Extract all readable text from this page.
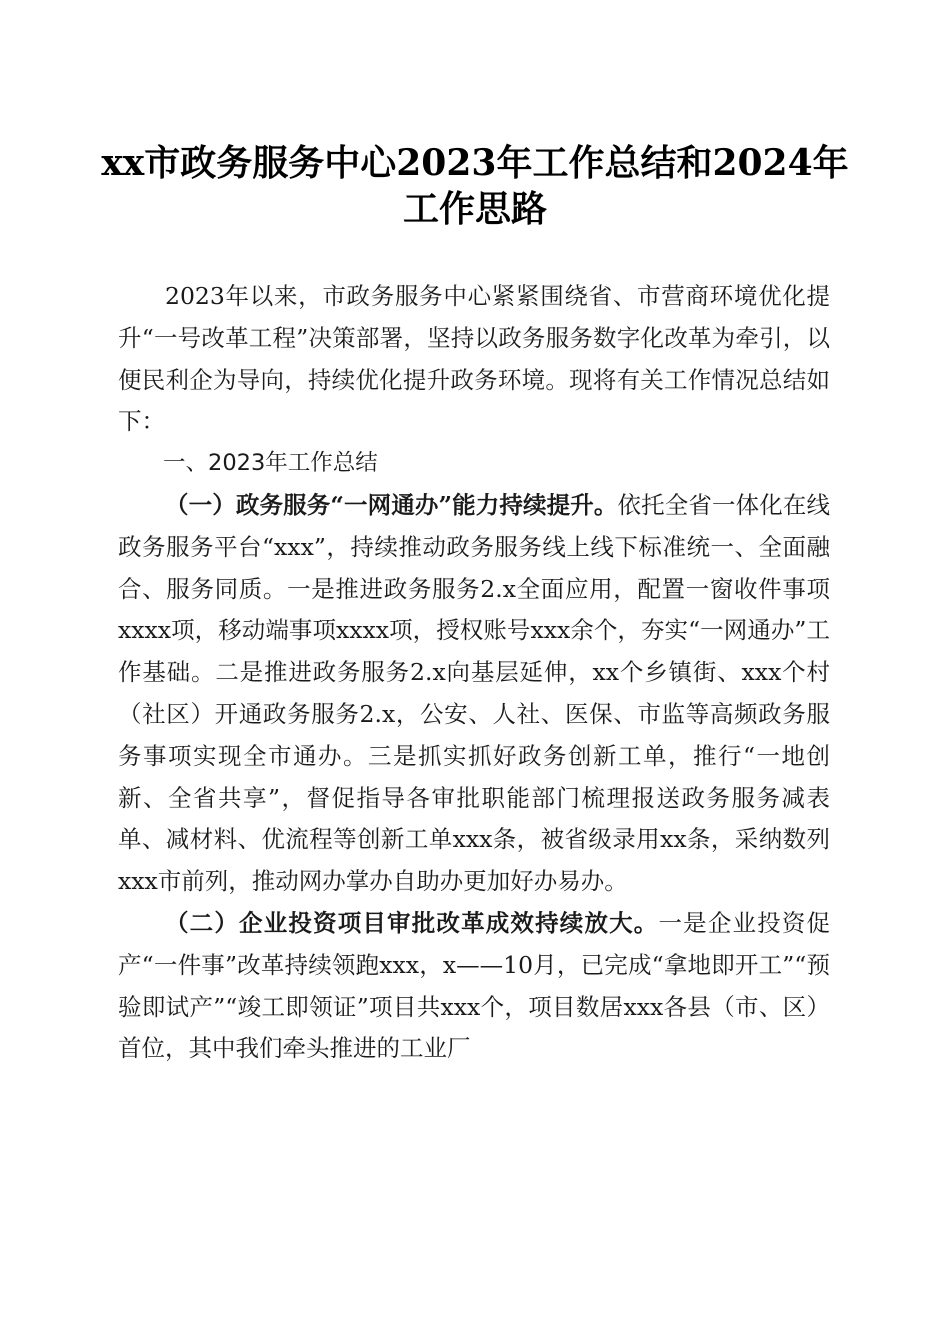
xx市政务服务中心2023年工作总结和2024年
工作思路

2023年以来，市政务服务中心紧紧围绕省、市营商环境优化提升“一号改革工程”决策部署，坚持以政务服务数字化改革为牵引，以便民利企为导向，持续优化提升政务环境。现将有关工作情况总结如下：

一、2023年工作总结

（一）政务服务“一网通办”能力持续提升。依托全省一体化在线政务服务平台“xxx”，持续推动政务服务线上线下标准统一、全面融合、服务同质。一是推进政务服务2.x全面应用，配置一窗收件事项xxxx项，移动端事项xxxx项，授权账号xxx余个，夯实“一网通办”工作基础。二是推进政务服务2.x向基层延伸，xx个乡镇街、xxx个村（社区）开通政务服务2.x，公安、人社、医保、市监等高频政务服务事项实现全市通办。三是抓实抓好政务创新工单，推行“一地创新、全省共享”，督促指导各审批职能部门梳理报送政务服务减表单、减材料、优流程等创新工单xxx条，被省级录用xx条，采纳数列xxx市前列，推动网办掌办自助办更加好办易办。

（二）企业投资项目审批改革成效持续放大。一是企业投资促产“一件事”改革持续领跑xxx，x——10月，已完成“拿地即开工”“预验即试产”“竣工即领证”项目共xxx个，项目数居xxx各县（市、区）首位，其中我们牵头推进的工业厂
